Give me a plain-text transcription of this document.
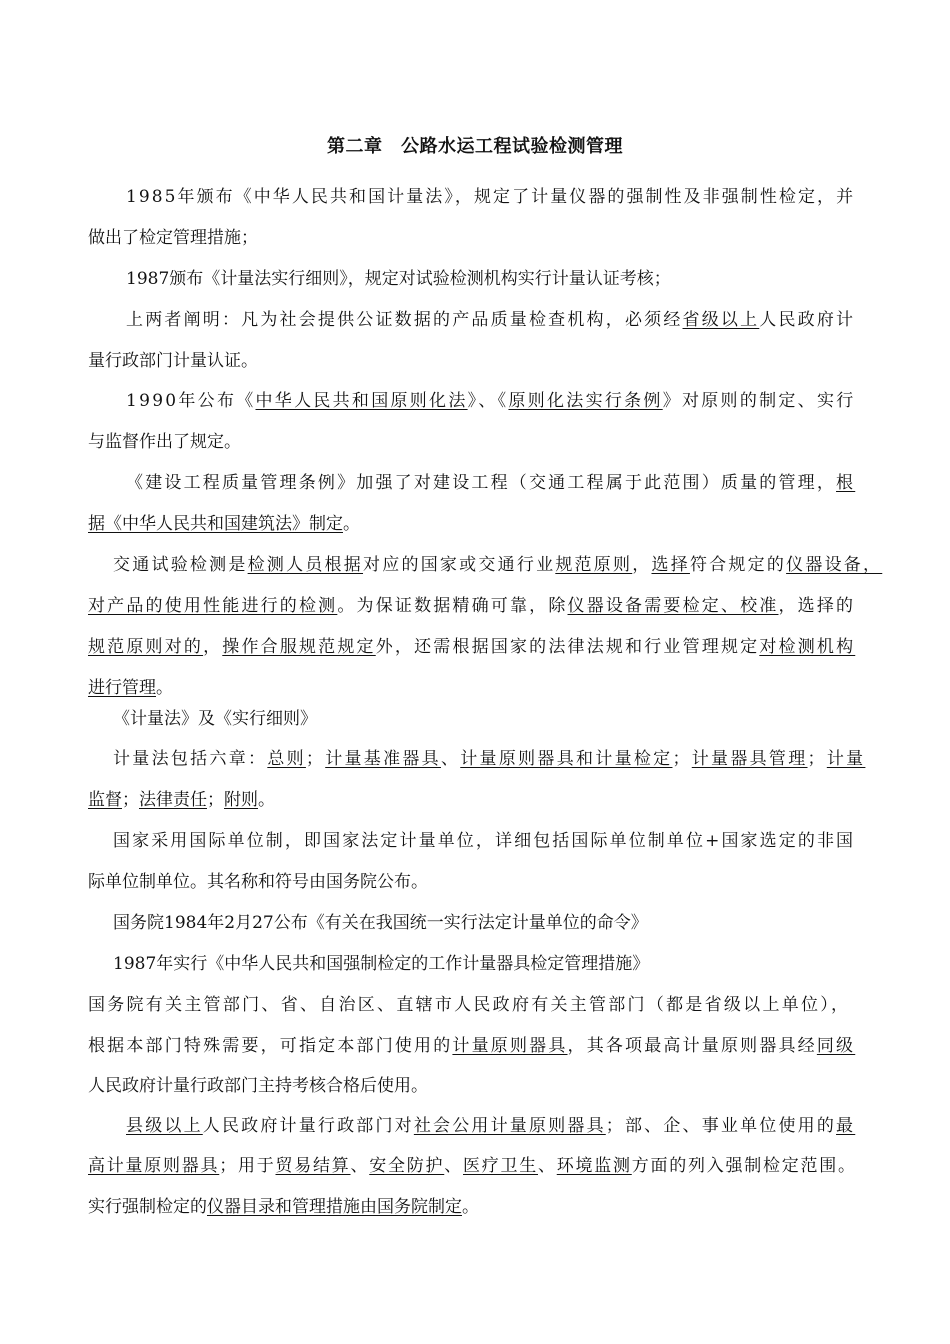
第二章　公路水运工程试验检测管理
1985年颁布《中华人民共和国计量法》，规定了计量仪器的强制性及非强制性检定，并
做出了检定管理措施；
1987颁布《计量法实行细则》，规定对试验检测机构实行计量认证考核；
上两者阐明：凡为社会提供公证数据的产品质量检查机构，必须经省级以上人民政府计
量行政部门计量认证。
1990年公布《中华人民共和国原则化法》、《原则化法实行条例》对原则的制定、实行
与监督作出了规定。
《建设工程质量管理条例》加强了对建设工程（交通工程属于此范围）质量的管理，根
据《中华人民共和国建筑法》制定。
交通试验检测是检测人员根据对应的国家或交通行业规范原则，选择符合规定的仪器设备，
对产品的使用性能进行的检测。为保证数据精确可靠，除仪器设备需要检定、校准，选择的
规范原则对的，操作合服规范规定外，还需根据国家的法律法规和行业管理规定对检测机构
进行管理。
《计量法》及《实行细则》
计量法包括六章：总则；计量基准器具、计量原则器具和计量检定；计量器具管理；计量
监督；法律责任；附则。
国家采用国际单位制，即国家法定计量单位，详细包括国际单位制单位+国家选定的非国
际单位制单位。其名称和符号由国务院公布。
国务院1984年2月27公布《有关在我国统一实行法定计量单位的命令》
1987年实行《中华人民共和国强制检定的工作计量器具检定管理措施》
国务院有关主管部门、省、自治区、直辖市人民政府有关主管部门（都是省级以上单位），
根据本部门特殊需要，可指定本部门使用的计量原则器具，其各项最高计量原则器具经同级
人民政府计量行政部门主持考核合格后使用。
县级以上人民政府计量行政部门对社会公用计量原则器具；部、企、事业单位使用的最
高计量原则器具；用于贸易结算、安全防护、医疗卫生、环境监测方面的列入强制检定范围。
实行强制检定的仪器目录和管理措施由国务院制定。
